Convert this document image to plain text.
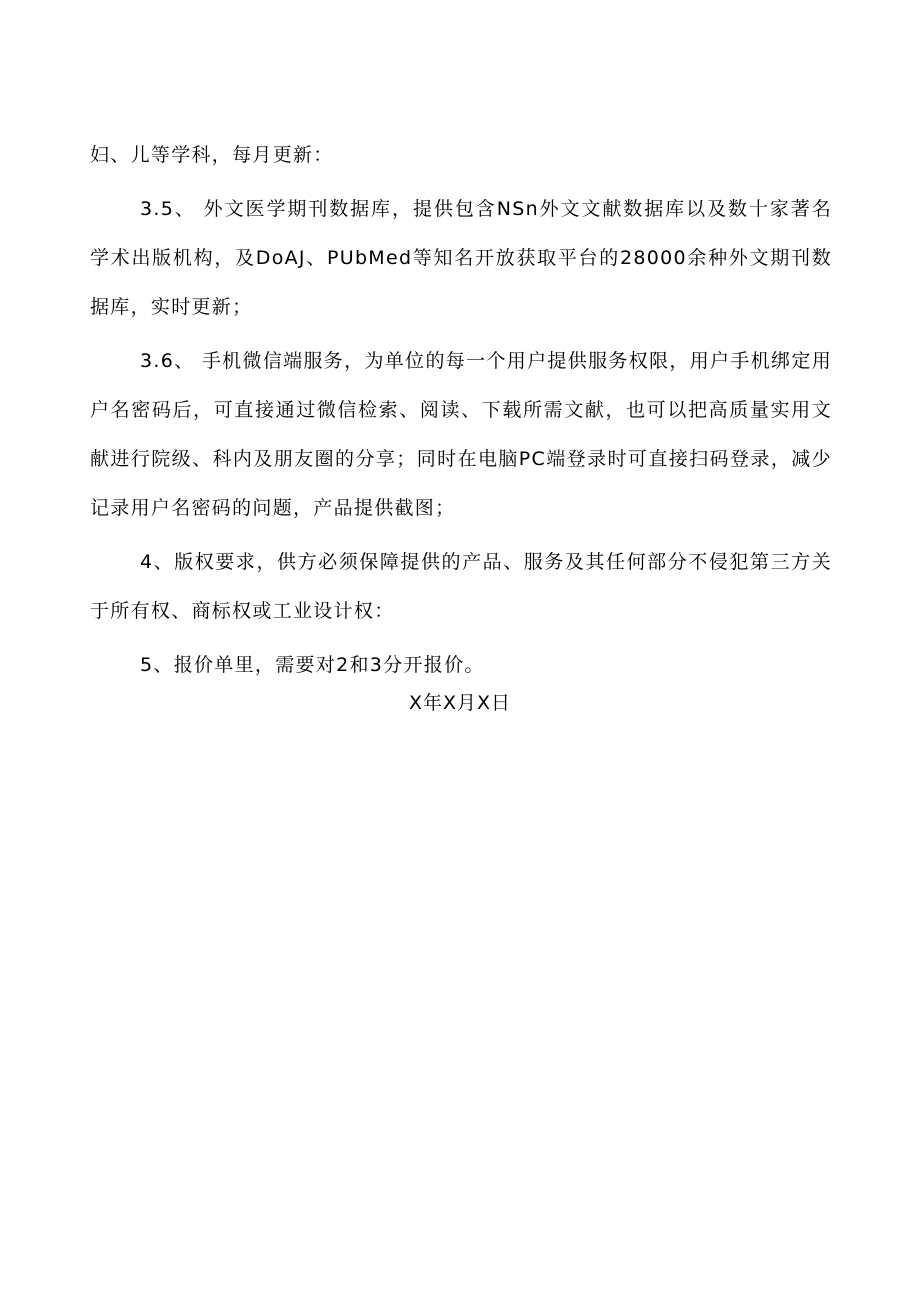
妇、儿等学科，每月更新：

3.5、 外文医学期刊数据库，提供包含NSn外文文献数据库以及数十家著名学术出版机构，及DoAJ、PUbMed等知名开放获取平台的28000余种外文期刊数据库，实时更新；

3.6、 手机微信端服务，为单位的每一个用户提供服务权限，用户手机绑定用户名密码后，可直接通过微信检索、阅读、下载所需文献，也可以把高质量实用文献进行院级、科内及朋友圈的分享；同时在电脑PC端登录时可直接扫码登录，减少记录用户名密码的问题，产品提供截图；

4、版权要求，供方必须保障提供的产品、服务及其任何部分不侵犯第三方关于所有权、商标权或工业设计权：

5、报价单里，需要对2和3分开报价。

X年X月X日
